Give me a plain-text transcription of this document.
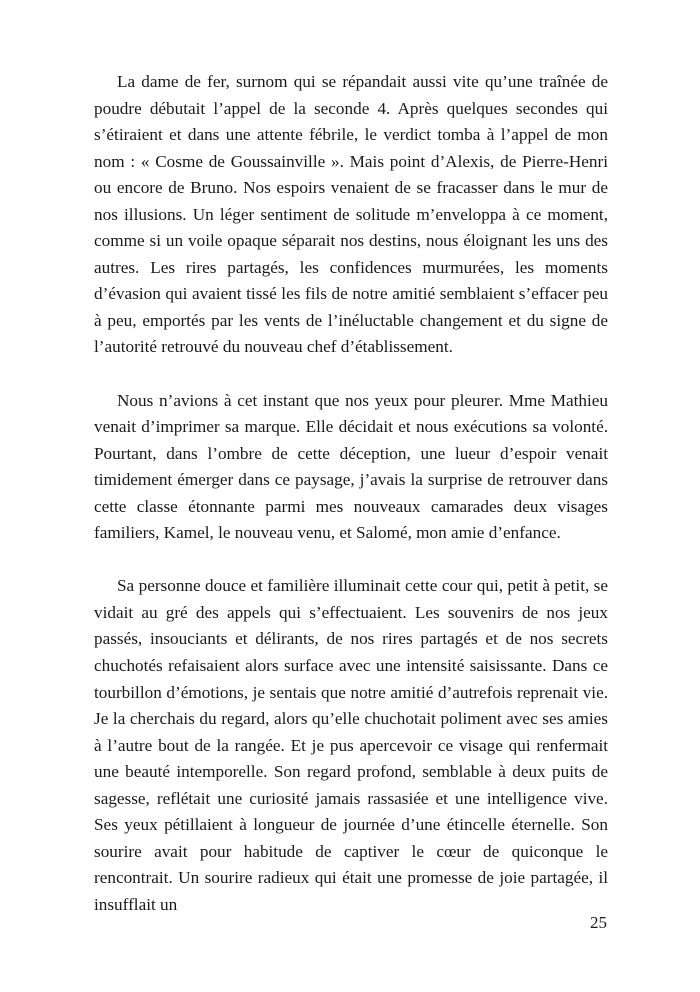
La dame de fer, surnom qui se répandait aussi vite qu’une traînée de poudre débutait l’appel de la seconde 4. Après quelques secondes qui s’étiraient et dans une attente fébrile, le verdict tomba à l’appel de mon nom : « Cosme de Goussainville ». Mais point d’Alexis, de Pierre-Henri ou encore de Bruno. Nos espoirs venaient de se fracasser dans le mur de nos illusions. Un léger sentiment de solitude m’enveloppa à ce moment, comme si un voile opaque séparait nos destins, nous éloignant les uns des autres. Les rires partagés, les confidences murmurées, les moments d’évasion qui avaient tissé les fils de notre amitié semblaient s’effacer peu à peu, emportés par les vents de l’inéluctable changement et du signe de l’autorité retrouvé du nouveau chef d’établissement.

Nous n’avions à cet instant que nos yeux pour pleurer. Mme Mathieu venait d’imprimer sa marque. Elle décidait et nous exécutions sa volonté. Pourtant, dans l’ombre de cette déception, une lueur d’espoir venait timidement émerger dans ce paysage, j’avais la surprise de retrouver dans cette classe étonnante parmi mes nouveaux camarades deux visages familiers, Kamel, le nouveau venu, et Salomé, mon amie d’enfance.

Sa personne douce et familière illuminait cette cour qui, petit à petit, se vidait au gré des appels qui s’effectuaient. Les souvenirs de nos jeux passés, insouciants et délirants, de nos rires partagés et de nos secrets chuchotés refaisaient alors surface avec une intensité saisissante. Dans ce tourbillon d’émotions, je sentais que notre amitié d’autrefois reprenait vie. Je la cherchais du regard, alors qu’elle chuchotait poliment avec ses amies à l’autre bout de la rangée. Et je pus apercevoir ce visage qui renfermait une beauté intemporelle. Son regard profond, semblable à deux puits de sagesse, reflétait une curiosité jamais rassasiée et une intelligence vive. Ses yeux pétillaient à longueur de journée d’une étincelle éternelle. Son sourire avait pour habitude de captiver le cœur de quiconque le rencontrait. Un sourire radieux qui était une promesse de joie partagée, il insufflait un

25
